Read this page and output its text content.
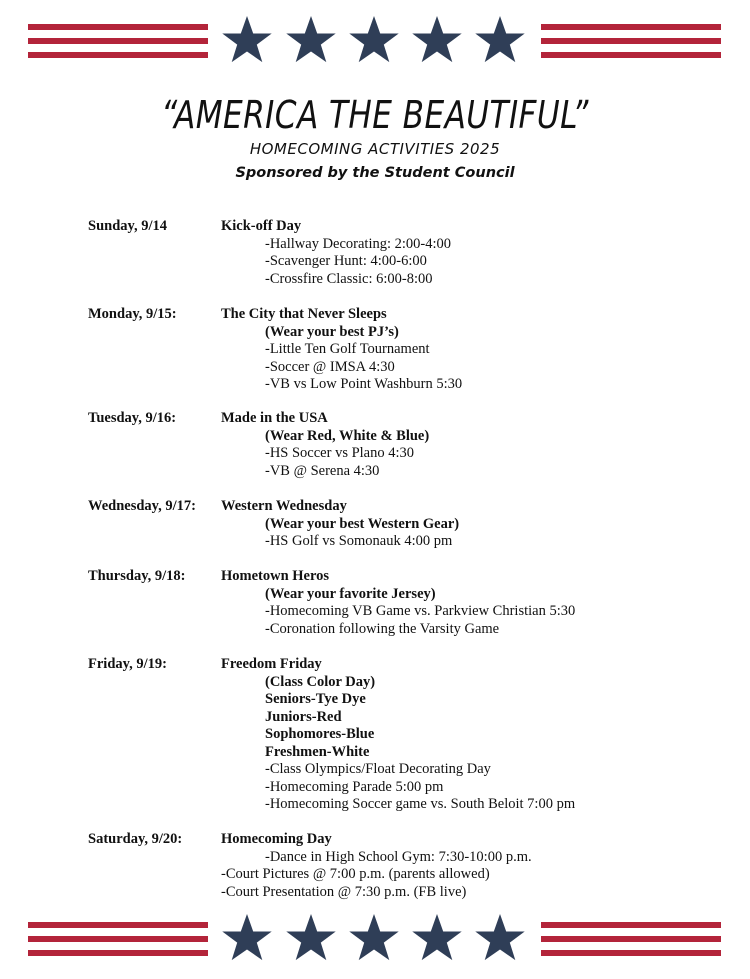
“AMERICA THE BEAUTIFUL”

HOMECOMING ACTIVITIES 2025

Sponsored by the Student Council

Sunday, 9/14	Kick-off Day
-Hallway Decorating: 2:00-4:00
-Scavenger Hunt: 4:00-6:00
-Crossfire Classic: 6:00-8:00
Monday, 9/15:	The City that Never Sleeps
(Wear your best PJ’s)
-Little Ten Golf Tournament
-Soccer @ IMSA 4:30
-VB vs Low Point Washburn 5:30
Tuesday, 9/16:	Made in the USA
(Wear Red, White & Blue)
-HS Soccer vs Plano 4:30
-VB @ Serena 4:30
Wednesday, 9/17: Western Wednesday
(Wear your best Western Gear)
-HS Golf vs Somonauk 4:00 pm
Thursday, 9/18: Hometown Heros
(Wear your favorite Jersey)
-Homecoming VB Game vs. Parkview Christian 5:30
-Coronation following the Varsity Game
Friday, 9/19:	Freedom Friday
(Class Color Day)
Seniors-Tye Dye
Juniors-Red
Sophomores-Blue
Freshmen-White
-Class Olympics/Float Decorating Day
-Homecoming Parade 5:00 pm
-Homecoming Soccer game vs. South Beloit 7:00 pm
Saturday, 9/20:	Homecoming Day
-Dance in High School Gym: 7:30-10:00 p.m.
-Court Pictures @ 7:00 p.m. (parents allowed)
-Court Presentation @ 7:30 p.m. (FB live)
